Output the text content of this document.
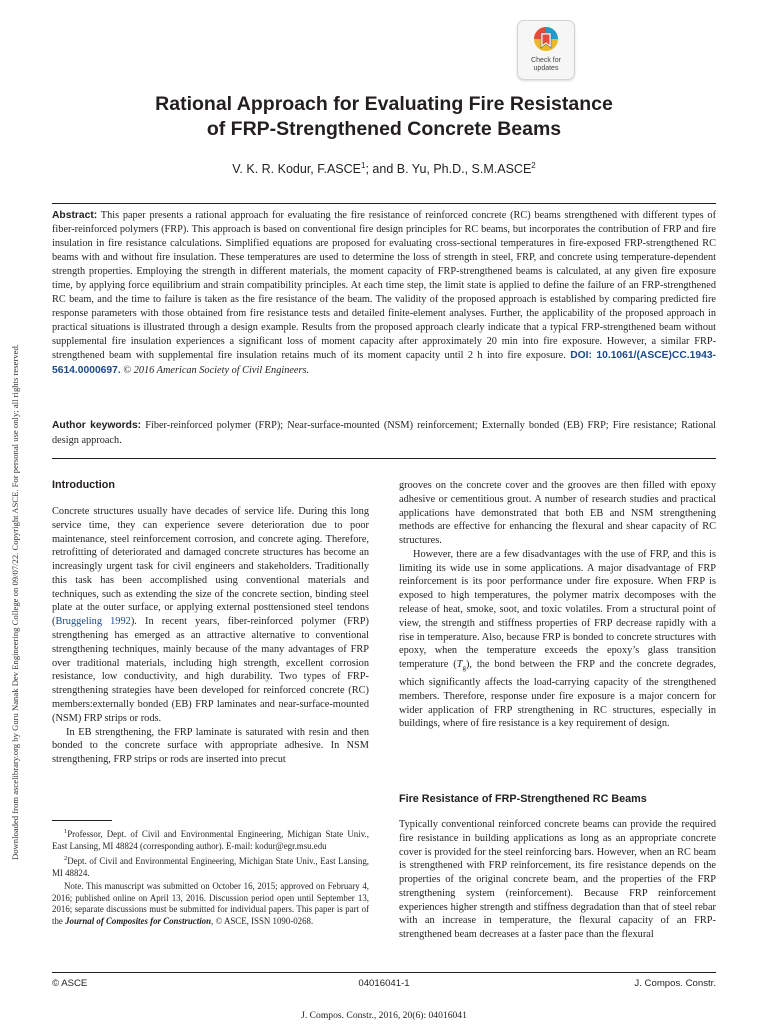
Downloaded from ascelibrary.org by Guru Nanak Dev Engineering College on 09/07/22. Copyright ASCE. For personal use only; all rights reserved.
Check for
updates
Rational Approach for Evaluating Fire Resistance
of FRP-Strengthened Concrete Beams
V. K. R. Kodur, F.ASCE$^1$; and B. Yu, Ph.D., S.M.ASCE$^2$

Abstract: This paper presents a rational approach for evaluating the fire resistance of reinforced concrete (RC) beams strengthened with different types of fiber-reinforced polymers (FRP). This approach is based on conventional fire design principles for RC beams, but incorporates the contribution of FRP and fire insulation in fire resistance calculations. Simplified equations are proposed for evaluating cross-sectional temperatures in fire-exposed FRP-strengthened RC beams with and without fire insulation. These temperatures are used to determine the loss of strength in steel, FRP, and concrete using temperature-dependent strength properties. Employing the strength in different materials, the moment capacity of FRP-strengthened beams is calculated, at any given fire exposure time, by applying force equilibrium and strain compatibility principles. At each time step, the limit state is applied to define the failure of an FRP-strengthened RC beam, and the time to failure is taken as the fire resistance of the beam. The validity of the proposed approach is established by comparing predicted fire response parameters with those obtained from fire resistance tests and detailed finite-element analyses. Further, the applicability of the proposed approach in practical situations is illustrated through a design example. Results from the proposed approach clearly indicate that a typical FRP-strengthened beam without supplemental fire insulation experiences a significant loss of moment capacity after approximately 20 min into fire exposure. However, a similar FRP-strengthened beam with supplemental fire insulation retains much of its moment capacity until 2 h into fire exposure. DOI: 10.1061/(ASCE)CC.1943-5614.0000697. © 2016 American Society of Civil Engineers.

Author keywords: Fiber-reinforced polymer (FRP); Near-surface-mounted (NSM) reinforcement; Externally bonded (EB) FRP; Fire resistance; Rational design approach.

Introduction

Concrete structures usually have decades of service life. During this long service time, they can experience severe deterioration due to poor maintenance, steel reinforcement corrosion, and concrete aging. Therefore, retrofitting of deteriorated and damaged concrete structures has become an increasingly urgent task for civil engineers and stakeholders. Traditionally this task has been accomplished using conventional materials and techniques, such as extending the size of the concrete section, binding steel plate at the outer surface, or applying external posttensioned steel tendons (Bruggeling 1992). In recent years, fiber-reinforced polymer (FRP) strengthening has emerged as an attractive alternative to conventional strengthening techniques, mainly because of the many advantages of FRP over traditional materials, including high strength, excellent corrosion resistance, low conductivity, and high durability. Two types of FRP-strengthening strategies have been developed for reinforced concrete (RC) members:externally bonded (EB) FRP laminates and near-surface-mounted (NSM) FRP strips or rods.

In EB strengthening, the FRP laminate is saturated with resin and then bonded to the concrete surface with appropriate adhesive. In NSM strengthening, FRP strips or rods are inserted into precut

grooves on the concrete cover and the grooves are then filled with epoxy adhesive or cementitious grout. A number of research studies and practical applications have demonstrated that both EB and NSM strengthening methods are effective for enhancing the flexural and shear capacity of RC structures.

However, there are a few disadvantages with the use of FRP, and this is limiting its wide use in some applications. A major disadvantage of FRP reinforcement is its poor performance under fire exposure. When FRP is exposed to high temperatures, the polymer matrix decomposes with the release of heat, smoke, soot, and toxic volatiles. From a structural point of view, the strength and stiffness properties of FRP decrease rapidly with a rise in temperature. Also, because FRP is bonded to concrete structures with epoxy, when the temperature exceeds the epoxy’s glass transition temperature $(T_g)$, the bond between the FRP and the concrete degrades, which significantly affects the load-carrying capacity of the strengthened members. Therefore, response under fire exposure is a major concern for wider application of FRP strengthening in RC structures, especially in buildings, where of fire resistance is a key requirement of design.

Fire Resistance of FRP-Strengthened RC Beams

Typically conventional reinforced concrete beams can provide the required fire resistance in building applications as long as an appropriate concrete cover is provided for the steel reinforcing bars. However, when an RC beam is strengthened with FRP reinforcement, its fire resistance depends on the properties of the original concrete beam, and the properties of the FRP strengthening system (reinforcement). Because FRP reinforcement experiences higher strength and stiffness degradation than that of steel rebar with an increase in temperature, the flexural capacity of an FRP-strengthened beam decreases at a faster pace than the flexural

$^1$Professor, Dept. of Civil and Environmental Engineering, Michigan State Univ., East Lansing, MI 48824 (corresponding author). E-mail: kodur@egr.msu.edu

$^2$Dept. of Civil and Environmental Engineering, Michigan State Univ., East Lansing, MI 48824.

Note. This manuscript was submitted on October 16, 2015; approved on February 4, 2016; published online on April 13, 2016. Discussion period open until September 13, 2016; separate discussions must be submitted for individual papers. This paper is part of the Journal of Composites for Construction, © ASCE, ISSN 1090-0268.

© ASCE	04016041-1	J. Compos. Constr.
J. Compos. Constr., 2016, 20(6): 04016041
